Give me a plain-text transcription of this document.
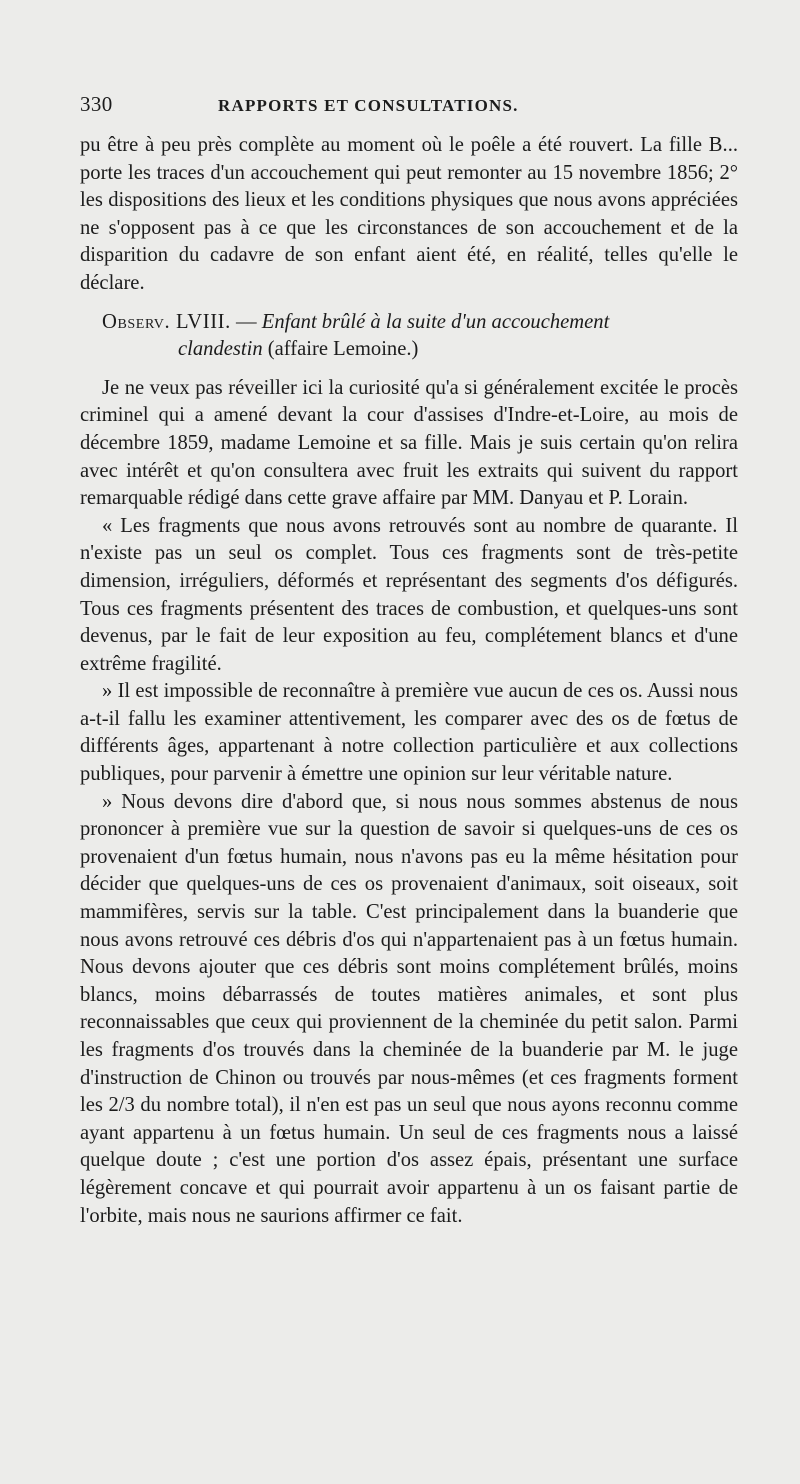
330	RAPPORTS ET CONSULTATIONS.

pu être à peu près complète au moment où le poêle a été rouvert. La fille B... porte les traces d'un accouchement qui peut remonter au 15 novembre 1856; 2° les dispositions des lieux et les conditions physiques que nous avons appréciées ne s'opposent pas à ce que les circonstances de son accouchement et de la disparition du cadavre de son enfant aient été, en réalité, telles qu'elle le déclare.

Observ. LVIII. — Enfant brûlé à la suite d'un accouchement
clandestin (affaire Lemoine.)

Je ne veux pas réveiller ici la curiosité qu'a si généralement excitée le procès criminel qui a amené devant la cour d'assises d'Indre-et-Loire, au mois de décembre 1859, madame Lemoine et sa fille. Mais je suis certain qu'on relira avec intérêt et qu'on consultera avec fruit les extraits qui suivent du rapport remarquable rédigé dans cette grave affaire par MM. Danyau et P. Lorain.

« Les fragments que nous avons retrouvés sont au nombre de quarante. Il n'existe pas un seul os complet. Tous ces fragments sont de très-petite dimension, irréguliers, déformés et représentant des segments d'os défigurés. Tous ces fragments présentent des traces de combustion, et quelques-uns sont devenus, par le fait de leur exposition au feu, complétement blancs et d'une extrême fragilité.

» Il est impossible de reconnaître à première vue aucun de ces os. Aussi nous a-t-il fallu les examiner attentivement, les comparer avec des os de fœtus de différents âges, appartenant à notre collection particulière et aux collections publiques, pour parvenir à émettre une opinion sur leur véritable nature.

» Nous devons dire d'abord que, si nous nous sommes abstenus de nous prononcer à première vue sur la question de savoir si quelques-uns de ces os provenaient d'un fœtus humain, nous n'avons pas eu la même hésitation pour décider que quelques-uns de ces os provenaient d'animaux, soit oiseaux, soit mammifères, servis sur la table. C'est principalement dans la buanderie que nous avons retrouvé ces débris d'os qui n'appartenaient pas à un fœtus humain. Nous devons ajouter que ces débris sont moins complétement brûlés, moins blancs, moins débarrassés de toutes matières animales, et sont plus reconnaissables que ceux qui proviennent de la cheminée du petit salon. Parmi les fragments d'os trouvés dans la cheminée de la buanderie par M. le juge d'instruction de Chinon ou trouvés par nous-mêmes (et ces fragments forment les 2/3 du nombre total), il n'en est pas un seul que nous ayons reconnu comme ayant appartenu à un fœtus humain. Un seul de ces fragments nous a laissé quelque doute ; c'est une portion d'os assez épais, présentant une surface légèrement concave et qui pourrait avoir appartenu à un os faisant partie de l'orbite, mais nous ne saurions affirmer ce fait.
